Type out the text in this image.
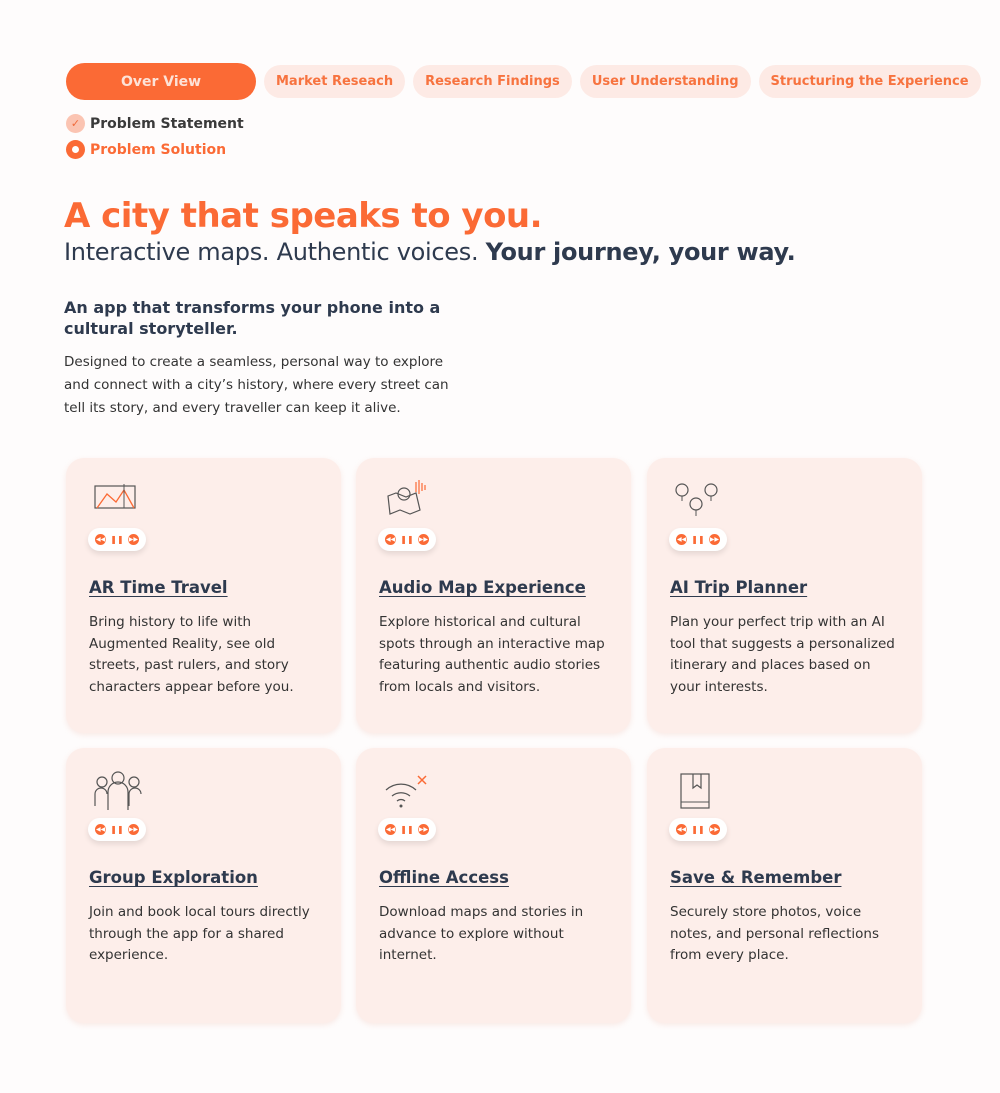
Over View	Market Reseach	Research Findings	User Understanding	Structuring the Experience
✓ Problem Statement
Problem Solution
A city that speaks to you.
Interactive maps. Authentic voices. Your journey, your way.
An app that transforms your phone into a cultural storyteller.
Designed to create a seamless, personal way to explore and connect with a city’s history, where every street can tell its story, and every traveller can keep it alive.
◀◀ ❚❚ ▶▶
AR Time Travel
Bring history to life with Augmented Reality, see old streets, past rulers, and story characters appear before you.
◀◀ ❚❚ ▶▶
Audio Map Experience
Explore historical and cultural spots through an interactive map featuring authentic audio stories from locals and visitors.
◀◀ ❚❚ ▶▶
AI Trip Planner
Plan your perfect trip with an AI tool that suggests a personalized itinerary and places based on your interests.
◀◀ ❚❚ ▶▶
Group Exploration
Join and book local tours directly through the app for a shared experience.
◀◀ ❚❚ ▶▶
Offline Access
Download maps and stories in advance to explore without internet.
◀◀ ❚❚ ▶▶
Save & Remember
Securely store photos, voice notes, and personal reflections from every place.
